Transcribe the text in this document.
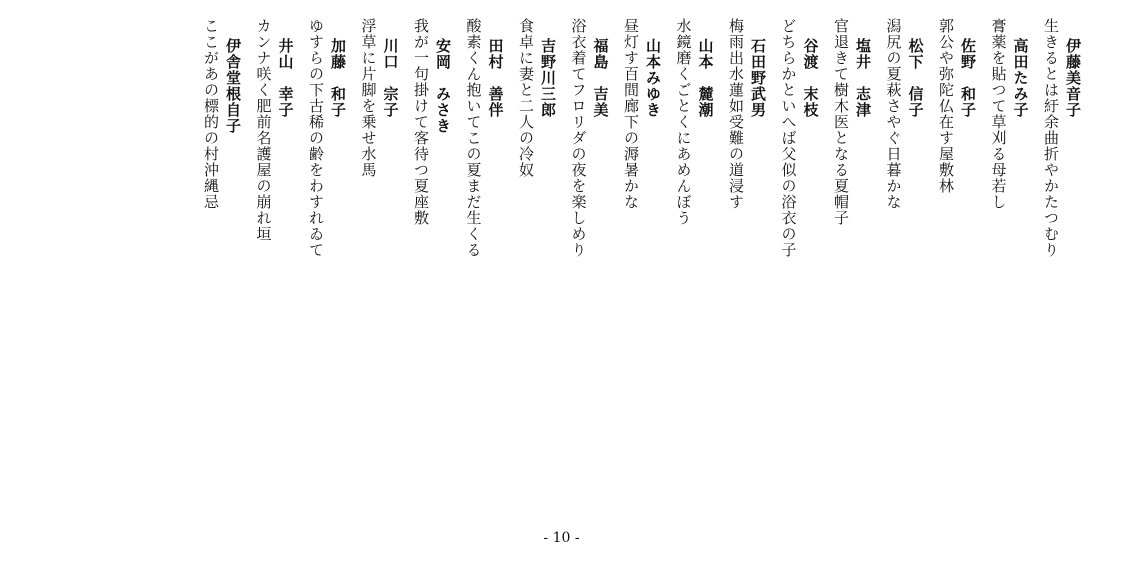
伊藤美音子
生きるとは紆余曲折やかたつむり
高田たみ子
膏薬を貼つて草刈る母若し
佐野　和子
郭公や弥陀仏在す屋敷林
松下　信子
潟尻の夏萩さやぐ日暮かな
塩井　志津
官退きて樹木医となる夏帽子
谷渡　末枝
どちらかといへば父似の浴衣の子
石田野武男
梅雨出水蓮如受難の道浸す
山本　麓潮
水鏡磨くごとくにあめんぼう
山本みゆき
昼灯す百間廊下の溽暑かな
福島　吉美
浴衣着てフロリダの夜を楽しめり
吉野川三郎
食卓に妻と二人の冷奴
田村　善伴
酸素くん抱いてこの夏まだ生くる
安岡　みさき
我が一句掛けて客待つ夏座敷
川口　宗子
浮草に片脚を乗せ水馬
加藤　和子
ゆすらの下古稀の齢をわすれゐて
井山　幸子
カンナ咲く肥前名護屋の崩れ垣
伊舎堂根自子
ここがあの標的の村沖縄忌
- 10 -
